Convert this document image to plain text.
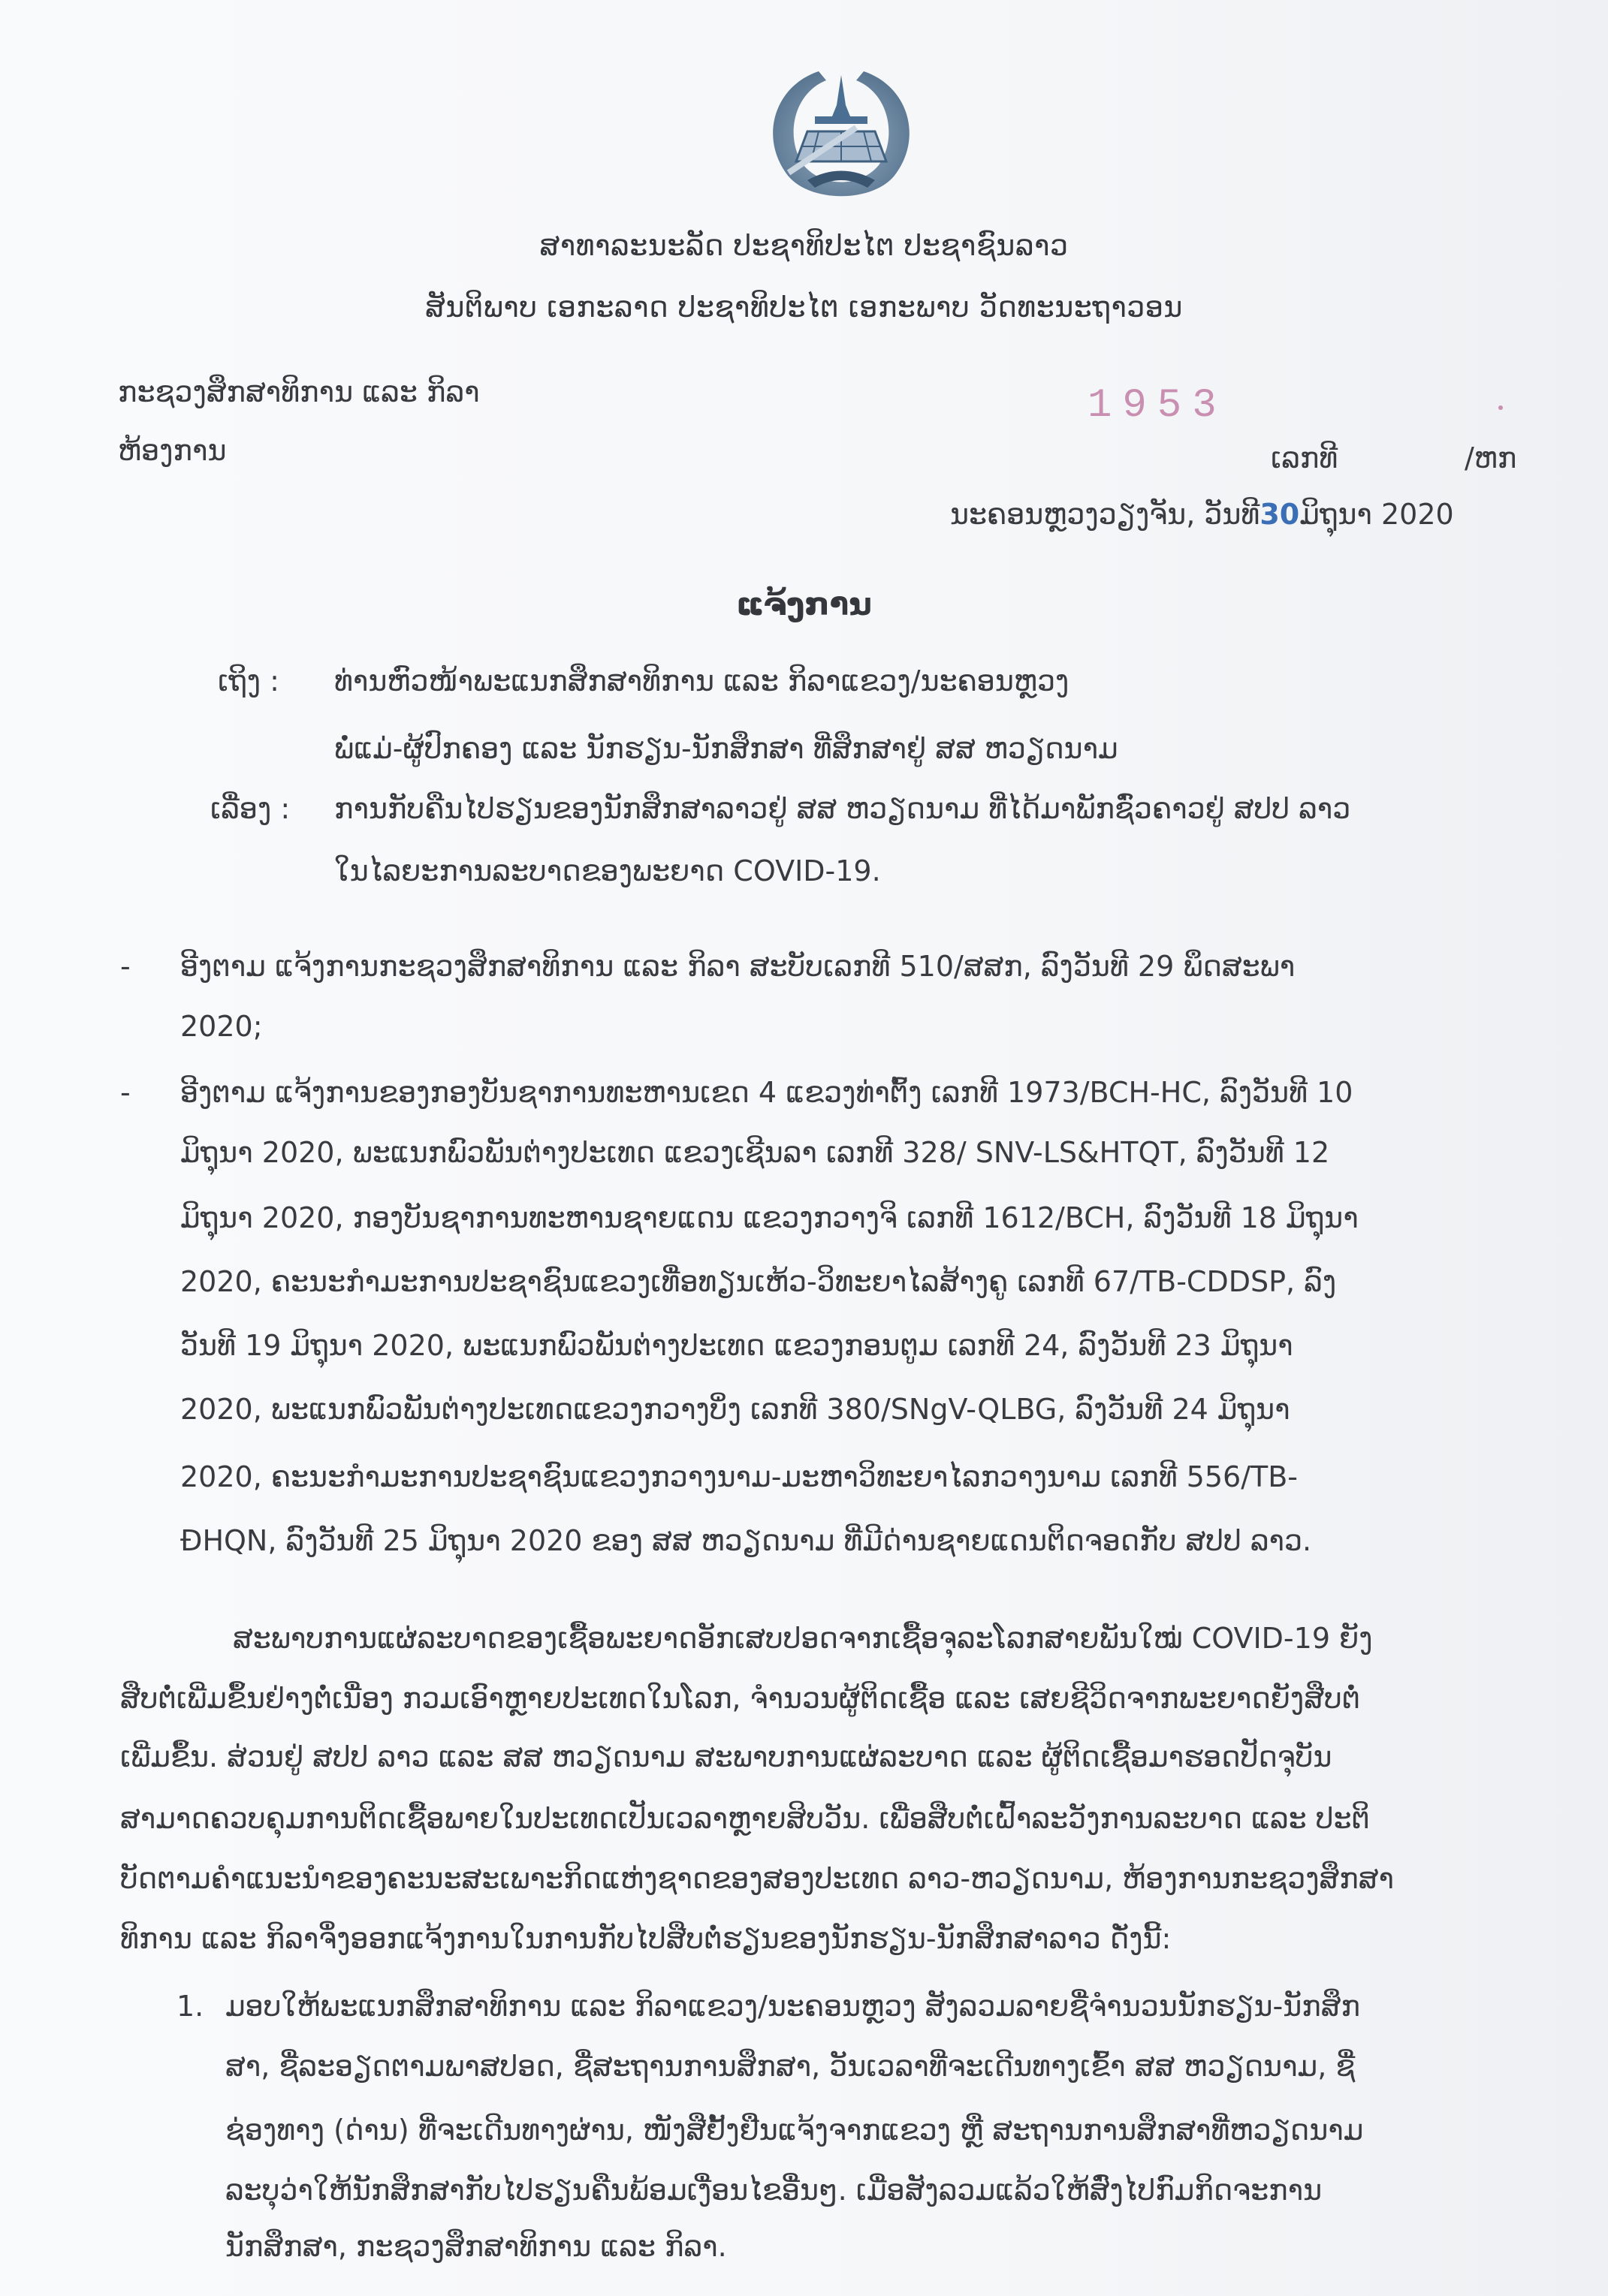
ສາທາລະນະລັດ ປະຊາທິປະໄຕ ປະຊາຊົນລາວ
ສັນຕິພາບ ເອກະລາດ ປະຊາທິປະໄຕ ເອກະພາບ ວັດທະນະຖາວອນ
ກະຊວງສຶກສາທິການ ແລະ ກິລາ
ຫ້ອງການ
1953
ເລກທີ	/ຫກ
ນະຄອນຫຼວງວຽງຈັນ, ວັນທີ30ມິຖຸນາ 2020
ແຈ້ງການ
ເຖິງ : ທ່ານຫົວໜ້າພະແນກສຶກສາທິການ ແລະ ກິລາແຂວງ/ນະຄອນຫຼວງ
ພໍ່ແມ່-ຜູ້ປົກຄອງ ແລະ ນັກຮຽນ-ນັກສຶກສາ ທີ່ສຶກສາຢູ່ ສສ ຫວຽດນາມ
ເລື່ອງ : ການກັບຄືນໄປຮຽນຂອງນັກສຶກສາລາວຢູ່ ສສ ຫວຽດນາມ ທີ່ໄດ້ມາພັກຊົ່ວຄາວຢູ່ ສປປ ລາວ
ໃນໄລຍະການລະບາດຂອງພະຍາດ COVID-19.
- ອີງຕາມ ແຈ້ງການກະຊວງສຶກສາທິການ ແລະ ກິລາ ສະບັບເລກທີ 510/ສສກ, ລົງວັນທີ 29 ພຶດສະພາ
2020;
- ອີງຕາມ ແຈ້ງການຂອງກອງບັນຊາການທະຫານເຂດ 4 ແຂວງທ່າຕົ້ງ ເລກທີ 1973/BCH-HC, ລົງວັນທີ 10
ມິຖຸນາ 2020, ພະແນກພົວພັນຕ່າງປະເທດ ແຂວງເຊີນລາ ເລກທີ 328/ SNV-LS&HTQT, ລົງວັນທີ 12
ມິຖຸນາ 2020, ກອງບັນຊາການທະຫານຊາຍແດນ ແຂວງກວາງຈິ ເລກທີ 1612/BCH, ລົງວັນທີ 18 ມິຖຸນາ
2020, ຄະນະກຳມະການປະຊາຊົນແຂວງເທື່ອທຽນເຫ້ວ-ວິທະຍາໄລສ້າງຄູ ເລກທີ 67/TB-CDDSP, ລົງ
ວັນທີ 19 ມິຖຸນາ 2020, ພະແນກພົວພັນຕ່າງປະເທດ ແຂວງກອນຕູມ ເລກທີ 24, ລົງວັນທີ 23 ມິຖຸນາ
2020, ພະແນກພົວພັນຕ່າງປະເທດແຂວງກວາງບິ່ງ ເລກທີ 380/SNgV-QLBG, ລົງວັນທີ 24 ມິຖຸນາ
2020, ຄະນະກຳມະການປະຊາຊົນແຂວງກວາງນາມ-ມະຫາວິທະຍາໄລກວາງນາມ ເລກທີ 556/TB-
ĐHQN, ລົງວັນທີ 25 ມິຖຸນາ 2020 ຂອງ ສສ ຫວຽດນາມ ທີ່ມີດ່ານຊາຍແດນຕິດຈອດກັບ ສປປ ລາວ.
ສະພາບການແຜ່ລະບາດຂອງເຊື້ອພະຍາດອັກເສບປອດຈາກເຊື້ອຈຸລະໂລກສາຍພັນໃໝ່ COVID-19 ຍັງ
ສືບຕໍ່ເພີ່ມຂຶ້ນຢ່າງຕໍ່ເນື່ອງ ກວມເອົາຫຼາຍປະເທດໃນໂລກ, ຈຳນວນຜູ້ຕິດເຊື້ອ ແລະ ເສຍຊີວິດຈາກພະຍາດຍັງສືບຕໍ່
ເພີ່ມຂຶ້ນ. ສ່ວນຢູ່ ສປປ ລາວ ແລະ ສສ ຫວຽດນາມ ສະພາບການແຜ່ລະບາດ ແລະ ຜູ້ຕິດເຊື້ອມາຮອດປັດຈຸບັນ
ສາມາດຄວບຄຸມການຕິດເຊື້ອພາຍໃນປະເທດເປັນເວລາຫຼາຍສິບວັນ. ເພື່ອສືບຕໍ່ເຝົ້າລະວັງການລະບາດ ແລະ ປະຕິ
ບັດຕາມຄຳແນະນຳຂອງຄະນະສະເພາະກິດແຫ່ງຊາດຂອງສອງປະເທດ ລາວ-ຫວຽດນາມ, ຫ້ອງການກະຊວງສຶກສາ
ທິການ ແລະ ກິລາຈຶ່ງອອກແຈ້ງການໃນການກັບໄປສືບຕໍ່ຮຽນຂອງນັກຮຽນ-ນັກສຶກສາລາວ ດັ່ງນີ້:
1. ມອບໃຫ້ພະແນກສຶກສາທິການ ແລະ ກິລາແຂວງ/ນະຄອນຫຼວງ ສັງລວມລາຍຊື່ຈຳນວນນັກຮຽນ-ນັກສຶກ
ສາ, ຊື່ລະອຽດຕາມພາສປອດ, ຊື່ສະຖານການສຶກສາ, ວັນເວລາທີ່ຈະເດີນທາງເຂົ້າ ສສ ຫວຽດນາມ, ຊື່
ຊ່ອງທາງ (ດ່ານ) ທີ່ຈະເດີນທາງຜ່ານ, ໜັງສືຢັ້ງຢືນແຈ້ງຈາກແຂວງ ຫຼື ສະຖານການສຶກສາທີ່ຫວຽດນາມ
ລະບຸວ່າໃຫ້ນັກສຶກສາກັບໄປຮຽນຄືນພ້ອມເງື່ອນໄຂອື່ນໆ. ເມື່ອສັງລວມແລ້ວໃຫ້ສົ່ງໄປກົມກິດຈະການ
ນັກສຶກສາ, ກະຊວງສຶກສາທິການ ແລະ ກິລາ.
